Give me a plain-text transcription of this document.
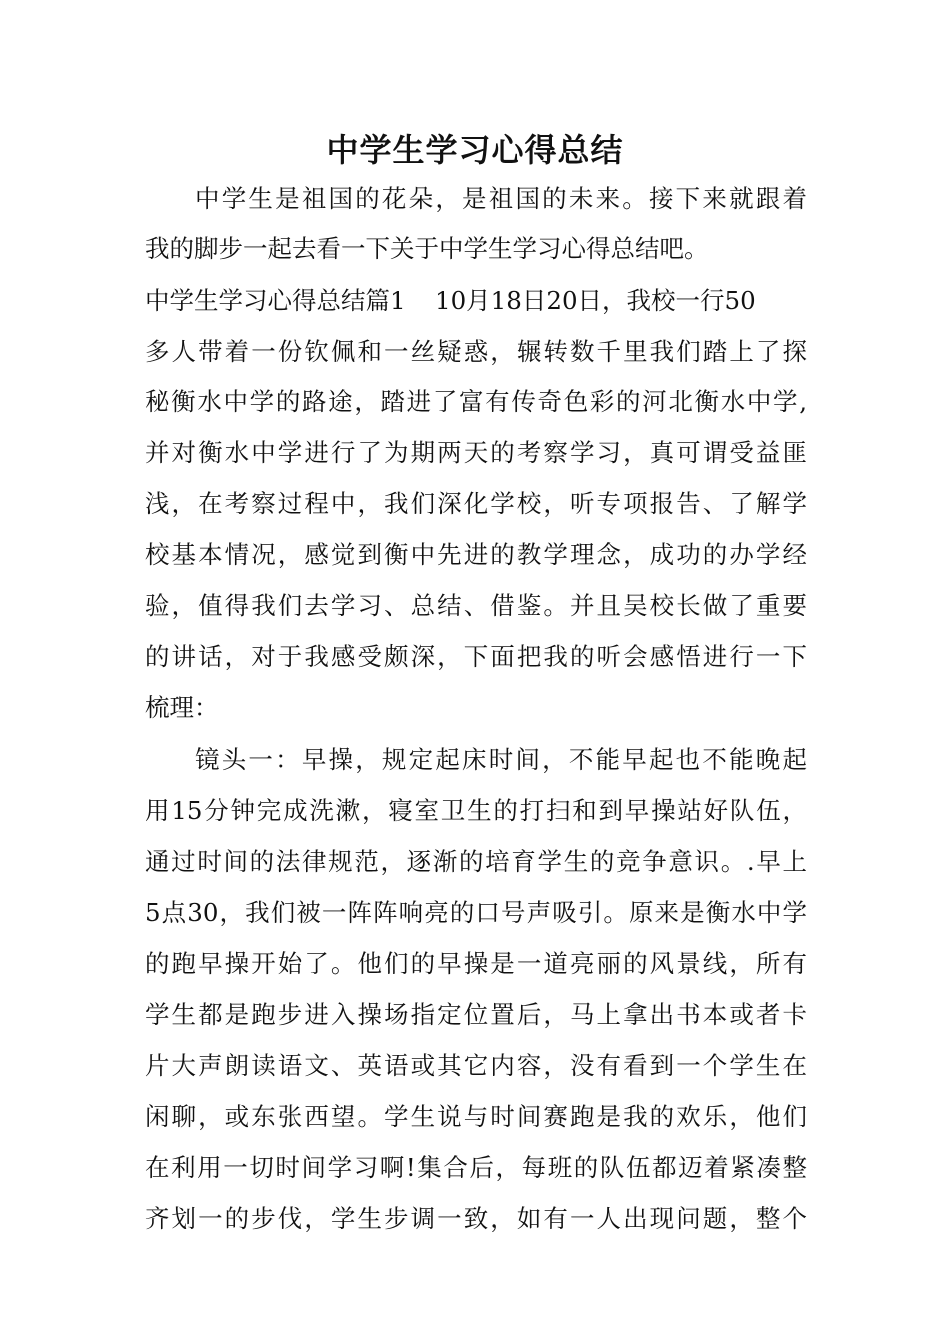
中学生学习心得总结
中学生是祖国的花朵，是祖国的未来。接下来就跟着
我的脚步一起去看一下关于中学生学习心得总结吧。
中学生学习心得总结篇1 10月18日20日，我校一行50
多人带着一份钦佩和一丝疑惑，辗转数千里我们踏上了探
秘衡水中学的路途，踏进了富有传奇色彩的河北衡水中学,
并对衡水中学进行了为期两天的考察学习，真可谓受益匪
浅，在考察过程中，我们深化学校，听专项报告、了解学
校基本情况，感觉到衡中先进的教学理念，成功的办学经
验，值得我们去学习、总结、借鉴。并且吴校长做了重要
的讲话，对于我感受颇深，下面把我的听会感悟进行一下
梳理：
镜头一：早操，规定起床时间，不能早起也不能晚起
用15分钟完成洗漱，寝室卫生的打扫和到早操站好队伍，
通过时间的法律规范，逐渐的培育学生的竞争意识。.早上
5点30，我们被一阵阵响亮的口号声吸引。原来是衡水中学
的跑早操开始了。他们的早操是一道亮丽的风景线，所有
学生都是跑步进入操场指定位置后，马上拿出书本或者卡
片大声朗读语文、英语或其它内容，没有看到一个学生在
闲聊，或东张西望。学生说与时间赛跑是我的欢乐，他们
在利用一切时间学习啊!集合后，每班的队伍都迈着紧凑整
齐划一的步伐，学生步调一致，如有一人出现问题，整个
